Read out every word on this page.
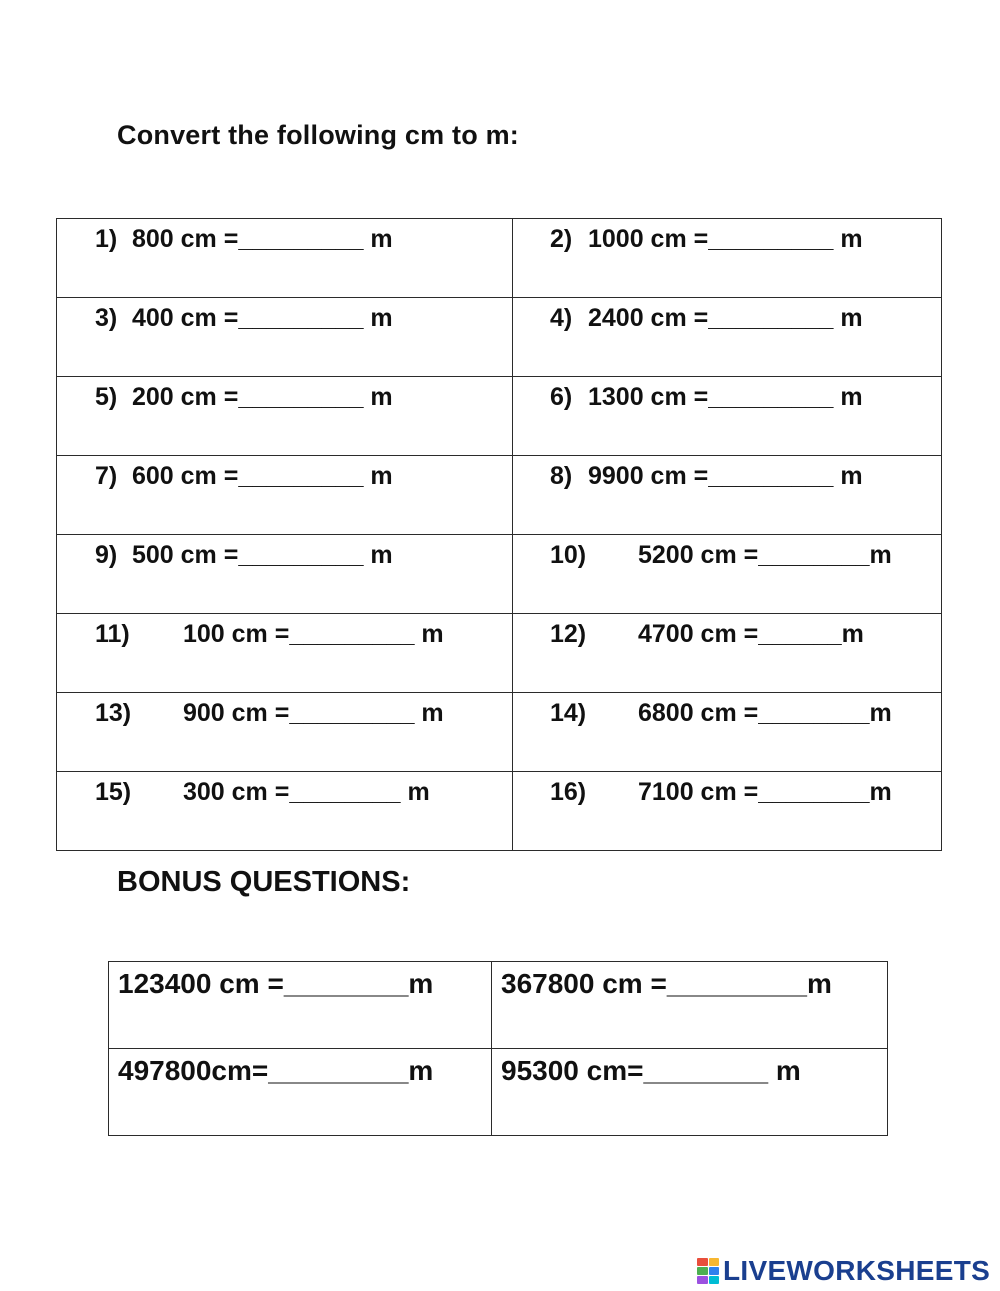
Convert the following cm to m:
1) 800 cm =_________ m	2) 1000 cm =_________ m

3) 400 cm =_________ m	4) 2400 cm =_________ m

5) 200 cm =_________ m	6) 1300 cm =_________ m

7) 600 cm =_________ m	8) 9900 cm =_________ m

9) 500 cm =_________ m	10) 5200 cm =________m

11) 100 cm =_________ m	12) 4700 cm =______m

13) 900 cm =_________ m	14) 6800 cm =________m

15) 300 cm =________ m	16) 7100 cm =________m
BONUS QUESTIONS:
123400 cm =________m	367800 cm =_________m

497800cm=_________m	95300 cm=________ m
LIVEWORKSHEETS
